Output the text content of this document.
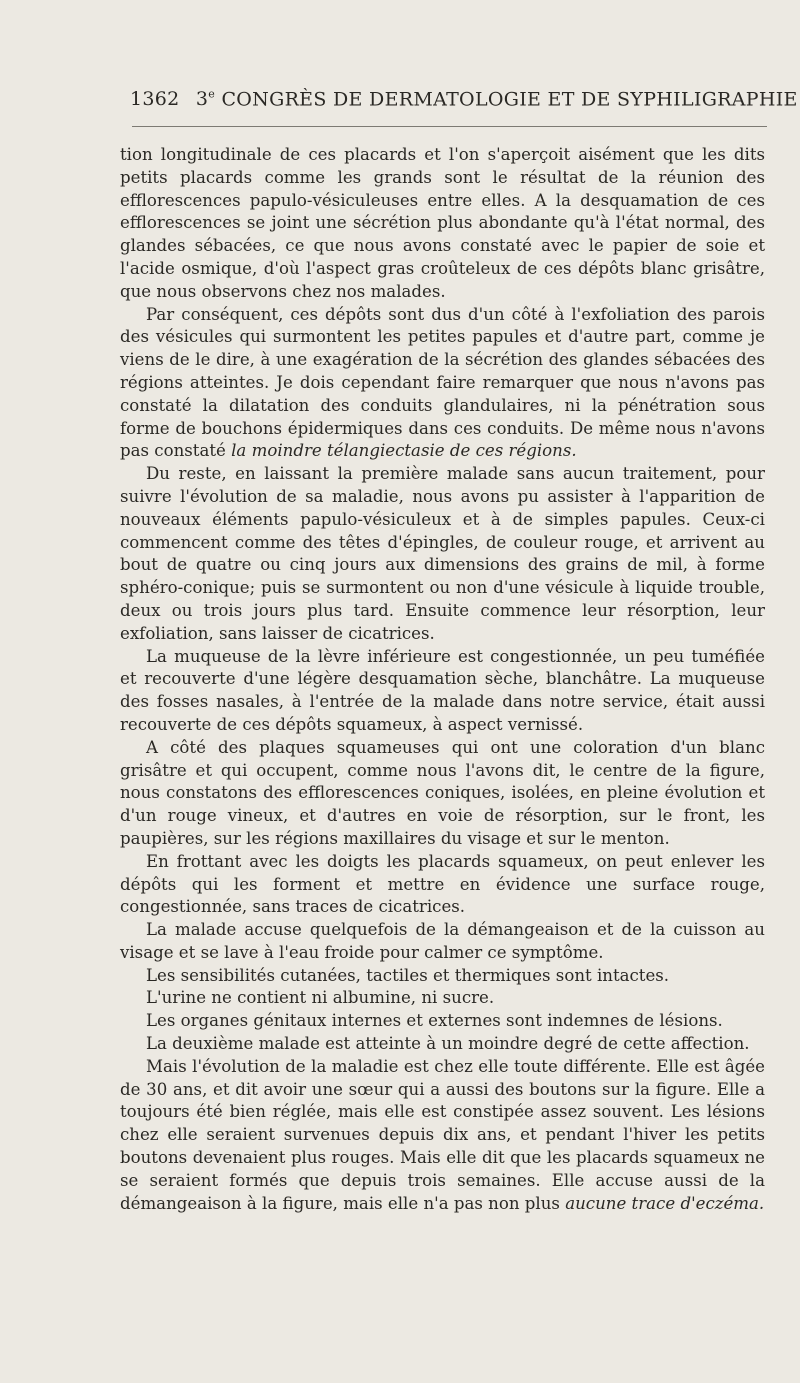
1362 3e CONGRÈS DE DERMATOLOGIE ET DE SYPHILIGRAPHIE

tion longitudinale de ces placards et l'on s'aperçoit aisément que les dits petits placards comme les grands sont le résultat de la réunion des efflorescences papulo-vésiculeuses entre elles. A la desquamation de ces efflorescences se joint une sécrétion plus abondante qu'à l'état normal, des glandes sébacées, ce que nous avons constaté avec le papier de soie et l'acide osmique, d'où l'aspect gras croûteleux de ces dépôts blanc grisâtre, que nous observons chez nos malades.

Par conséquent, ces dépôts sont dus d'un côté à l'exfoliation des parois des vésicules qui surmontent les petites papules et d'autre part, comme je viens de le dire, à une exagération de la sécrétion des glandes sébacées des régions atteintes. Je dois cependant faire remarquer que nous n'avons pas constaté la dilatation des conduits glandulaires, ni la pénétration sous forme de bouchons épidermiques dans ces conduits. De même nous n'avons pas constaté la moindre télangiectasie de ces régions.

Du reste, en laissant la première malade sans aucun traitement, pour suivre l'évolution de sa maladie, nous avons pu assister à l'apparition de nouveaux éléments papulo-vésiculeux et à de simples papules. Ceux-ci commencent comme des têtes d'épingles, de couleur rouge, et arrivent au bout de quatre ou cinq jours aux dimensions des grains de mil, à forme sphéro-conique; puis se surmontent ou non d'une vésicule à liquide trouble, deux ou trois jours plus tard. Ensuite commence leur résorption, leur exfoliation, sans laisser de cicatrices.

La muqueuse de la lèvre inférieure est congestionnée, un peu tuméfiée et recouverte d'une légère desquamation sèche, blanchâtre. La muqueuse des fosses nasales, à l'entrée de la malade dans notre service, était aussi recouverte de ces dépôts squameux, à aspect vernissé.

A côté des plaques squameuses qui ont une coloration d'un blanc grisâtre et qui occupent, comme nous l'avons dit, le centre de la figure, nous constatons des efflorescences coniques, isolées, en pleine évolution et d'un rouge vineux, et d'autres en voie de résorption, sur le front, les paupières, sur les régions maxillaires du visage et sur le menton.

En frottant avec les doigts les placards squameux, on peut enlever les dépôts qui les forment et mettre en évidence une surface rouge, congestionnée, sans traces de cicatrices.

La malade accuse quelquefois de la démangeaison et de la cuisson au visage et se lave à l'eau froide pour calmer ce symptôme.

Les sensibilités cutanées, tactiles et thermiques sont intactes.

L'urine ne contient ni albumine, ni sucre.

Les organes génitaux internes et externes sont indemnes de lésions.

La deuxième malade est atteinte à un moindre degré de cette affection.

Mais l'évolution de la maladie est chez elle toute différente. Elle est âgée de 30 ans, et dit avoir une sœur qui a aussi des boutons sur la figure. Elle a toujours été bien réglée, mais elle est constipée assez souvent. Les lésions chez elle seraient survenues depuis dix ans, et pendant l'hiver les petits boutons devenaient plus rouges. Mais elle dit que les placards squameux ne se seraient formés que depuis trois semaines. Elle accuse aussi de la démangeaison à la figure, mais elle n'a pas non plus aucune trace d'eczéma.
